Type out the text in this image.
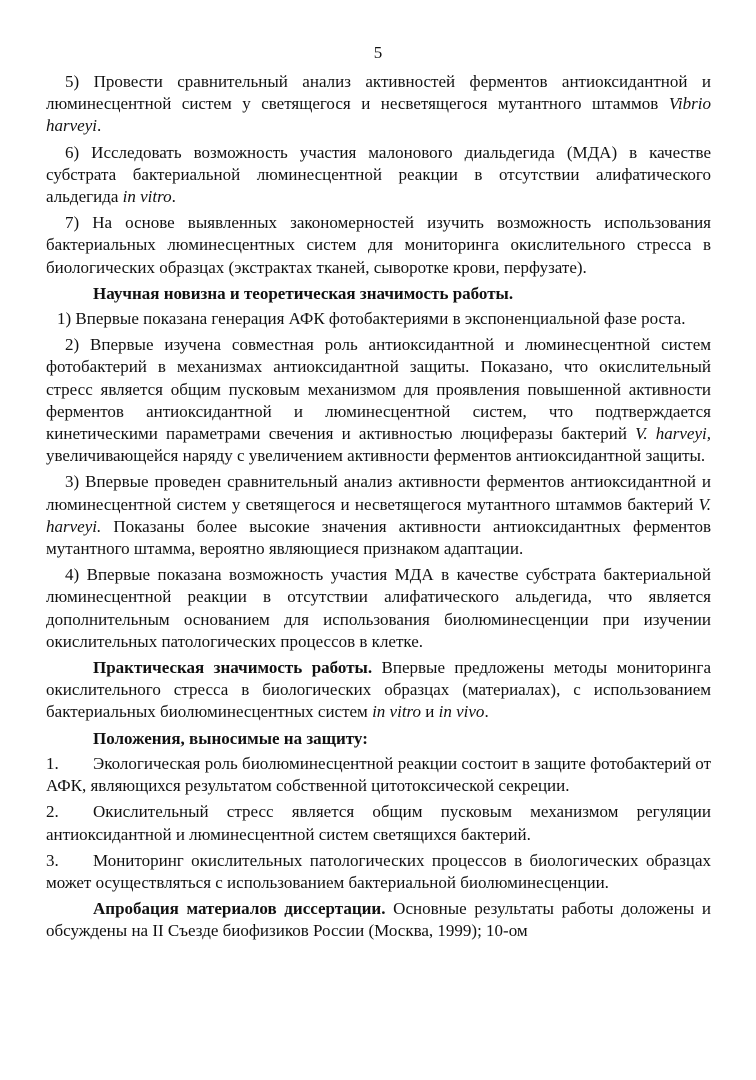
5

5) Провести сравнительный анализ активностей ферментов антиоксидантной и люминесцентной систем у светящегося и несветящегося мутантного штаммов Vibrio harveyi.

6) Исследовать возможность участия малонового диальдегида (МДА) в качестве субстрата бактериальной люминесцентной реакции в отсутствии алифатического альдегида in vitro.

7) На основе выявленных закономерностей изучить возможность использования бактериальных люминесцентных систем для мониторинга окислительного стресса в биологических образцах (экстрактах тканей, сыворотке крови, перфузате).

Научная новизна и теоретическая значимость работы.

1) Впервые показана генерация АФК фотобактериями в экспоненциальной фазе роста.

2) Впервые изучена совместная роль антиоксидантной и люминесцентной систем фотобактерий в механизмах антиоксидантной защиты. Показано, что окислительный стресс является общим пусковым механизмом для проявления повышенной активности ферментов антиоксидантной и люминесцентной систем, что подтверждается кинетическими параметрами свечения и активностью люциферазы бактерий V. harveyi, увеличивающейся наряду с увеличением активности ферментов антиоксидантной защиты.

3) Впервые проведен сравнительный анализ активности ферментов антиоксидантной и люминесцентной систем у светящегося и несветящегося мутантного штаммов бактерий V. harveyi. Показаны более высокие значения активности антиоксидантных ферментов мутантного штамма, вероятно являющиеся признаком адаптации.

4) Впервые показана возможность участия МДА в качестве субстрата бактериальной люминесцентной реакции в отсутствии алифатического альдегида, что является дополнительным основанием для использования биолюминесценции при изучении окислительных патологических процессов в клетке.

Практическая значимость работы. Впервые предложены методы мониторинга окислительного стресса в биологических образцах (материалах), с использованием бактериальных биолюминесцентных систем in vitro и in vivo.

Положения, выносимые на защиту:

1. Экологическая роль биолюминесцентной реакции состоит в защите фотобактерий от АФК, являющихся результатом собственной цитотоксической секреции.

2. Окислительный стресс является общим пусковым механизмом регуляции антиоксидантной и люминесцентной систем светящихся бактерий.

3. Мониторинг окислительных патологических процессов в биологических образцах может осуществляться с использованием бактериальной биолюминесценции.

Апробация материалов диссертации. Основные результаты работы доложены и обсуждены на II Съезде биофизиков России (Москва, 1999); 10-ом
